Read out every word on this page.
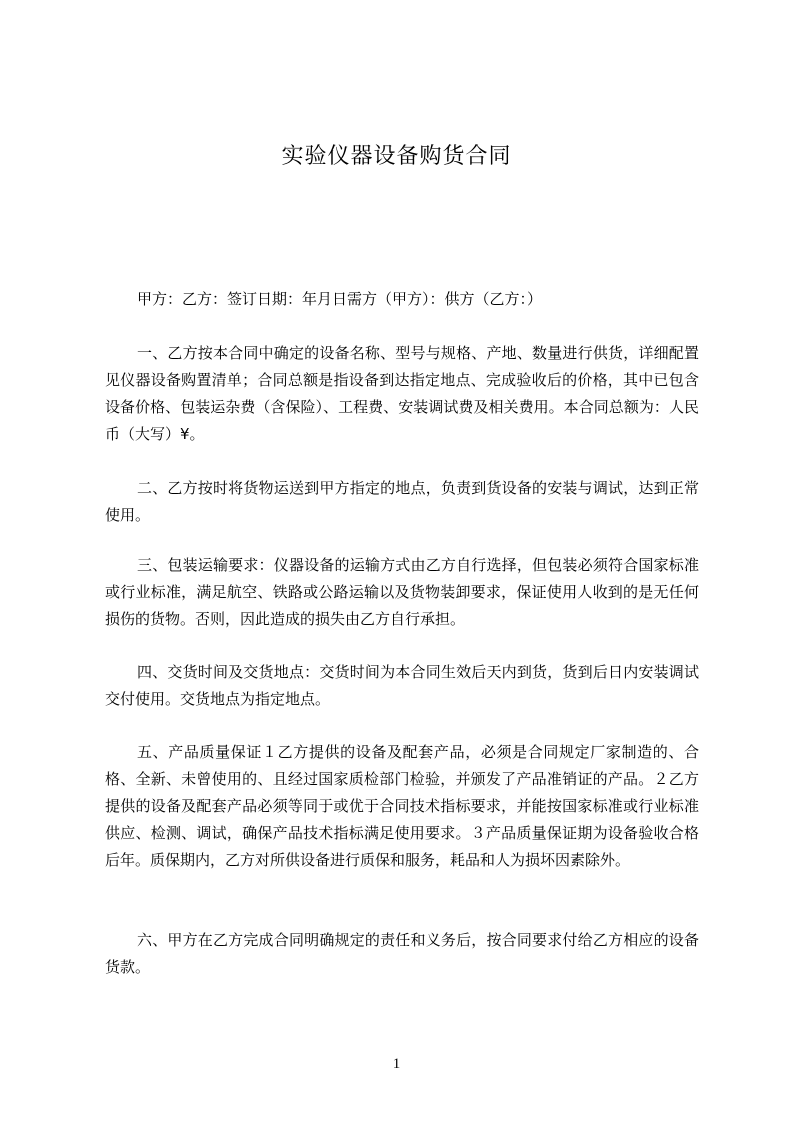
实验仪器设备购货合同
甲方：乙方：签订日期：年月日需方（甲方）：供方（乙方：）
一、乙方按本合同中确定的设备名称、型号与规格、产地、数量进行供货，详细配置见仪器设备购置清单；合同总额是指设备到达指定地点、完成验收后的价格，其中已包含设备价格、包装运杂费（含保险）、工程费、安装调试费及相关费用。本合同总额为：人民币（大写）¥。
二、乙方按时将货物运送到甲方指定的地点，负责到货设备的安装与调试，达到正常使用。
三、包装运输要求：仪器设备的运输方式由乙方自行选择，但包装必须符合国家标准或行业标准，满足航空、铁路或公路运输以及货物装卸要求，保证使用人收到的是无任何损伤的货物。否则，因此造成的损失由乙方自行承担。
四、交货时间及交货地点：交货时间为本合同生效后天内到货，货到后日内安装调试交付使用。交货地点为指定地点。
五、产品质量保证１乙方提供的设备及配套产品，必须是合同规定厂家制造的、合格、全新、未曾使用的、且经过国家质检部门检验，并颁发了产品准销证的产品。２乙方提供的设备及配套产品必须等同于或优于合同技术指标要求，并能按国家标准或行业标准供应、检测、调试，确保产品技术指标满足使用要求。３产品质量保证期为设备验收合格后年。质保期内，乙方对所供设备进行质保和服务，耗品和人为损坏因素除外。
六、甲方在乙方完成合同明确规定的责任和义务后，按合同要求付给乙方相应的设备货款。
1
